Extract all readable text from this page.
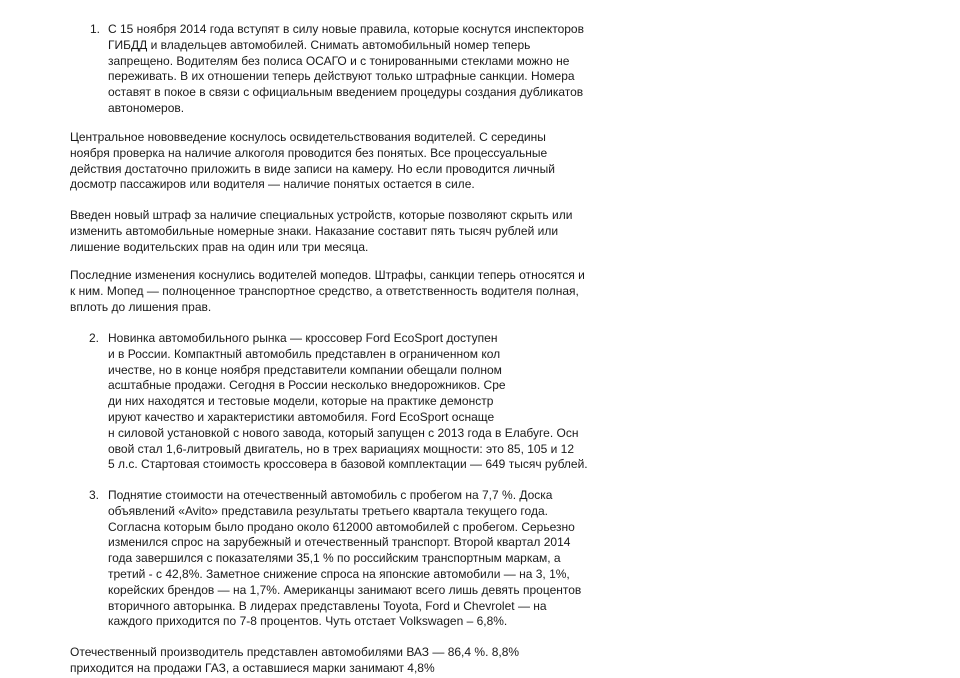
1. С 15 ноября 2014 года вступят в силу новые правила, которые коснутся инспекторов
ГИБДД и владельцев автомобилей. Снимать автомобильный номер теперь
запрещено. Водителям без полиса ОСАГО и с тонированными стеклами можно не
переживать. В их отношении теперь действуют только штрафные санкции. Номера
оставят в покое в связи с официальным введением процедуры создания дубликатов
автономеров.
Центральное нововведение коснулось освидетельствования водителей. С середины
ноября проверка на наличие алкоголя проводится без понятых. Все процессуальные
действия достаточно приложить в виде записи на камеру. Но если проводится личный
досмотр пассажиров или водителя — наличие понятых остается в силе.
Введен новый штраф за наличие специальных устройств, которые позволяют скрыть или
изменить автомобильные номерные знаки. Наказание составит пять тысяч рублей или
лишение водительских прав на один или три месяца.
Последние изменения коснулись водителей мопедов. Штрафы, санкции теперь относятся и
к ним. Мопед — полноценное транспортное средство, а ответственность водителя полная,
вплоть до лишения прав.
2. Новинка автомобильного рынка — кроссовер Ford EcoSport доступен
и в России. Компактный автомобиль представлен в ограниченном кол
ичестве, но в конце ноября представители компании обещали полном
асштабные продажи. Сегодня в России несколько внедорожников. Сре
ди них находятся и тестовые модели, которые на практике демонстр
ируют качество и характеристики автомобиля. Ford EcoSport оснаще
н силовой установкой с нового завода, который запущен с 2013 года в Елабуге. Осн
овой стал 1,6-литровый двигатель, но в трех вариациях мощности: это 85, 105 и 12
5 л.с. Стартовая стоимость кроссовера в базовой комплектации — 649 тысяч рублей.
3. Поднятие стоимости на отечественный автомобиль с пробегом на 7,7 %. Доска
объявлений «Avito» представила результаты третьего квартала текущего года.
Согласна которым было продано около 612000 автомобилей с пробегом. Серьезно
изменился спрос на зарубежный и отечественный транспорт. Второй квартал 2014
года завершился с показателями 35,1 % по российским транспортным маркам, а
третий - с 42,8%. Заметное снижение спроса на японские автомобили — на 3, 1%,
корейских брендов — на 1,7%. Американцы занимают всего лишь девять процентов
вторичного авторынка. В лидерах представлены Toyota, Ford и Chevrolet — на
каждого приходится по 7-8 процентов. Чуть отстает Volkswagen – 6,8%.
Отечественный производитель представлен автомобилями ВАЗ — 86,4 %. 8,8%
приходится на продажи ГАЗ, а оставшиеся марки занимают 4,8%
